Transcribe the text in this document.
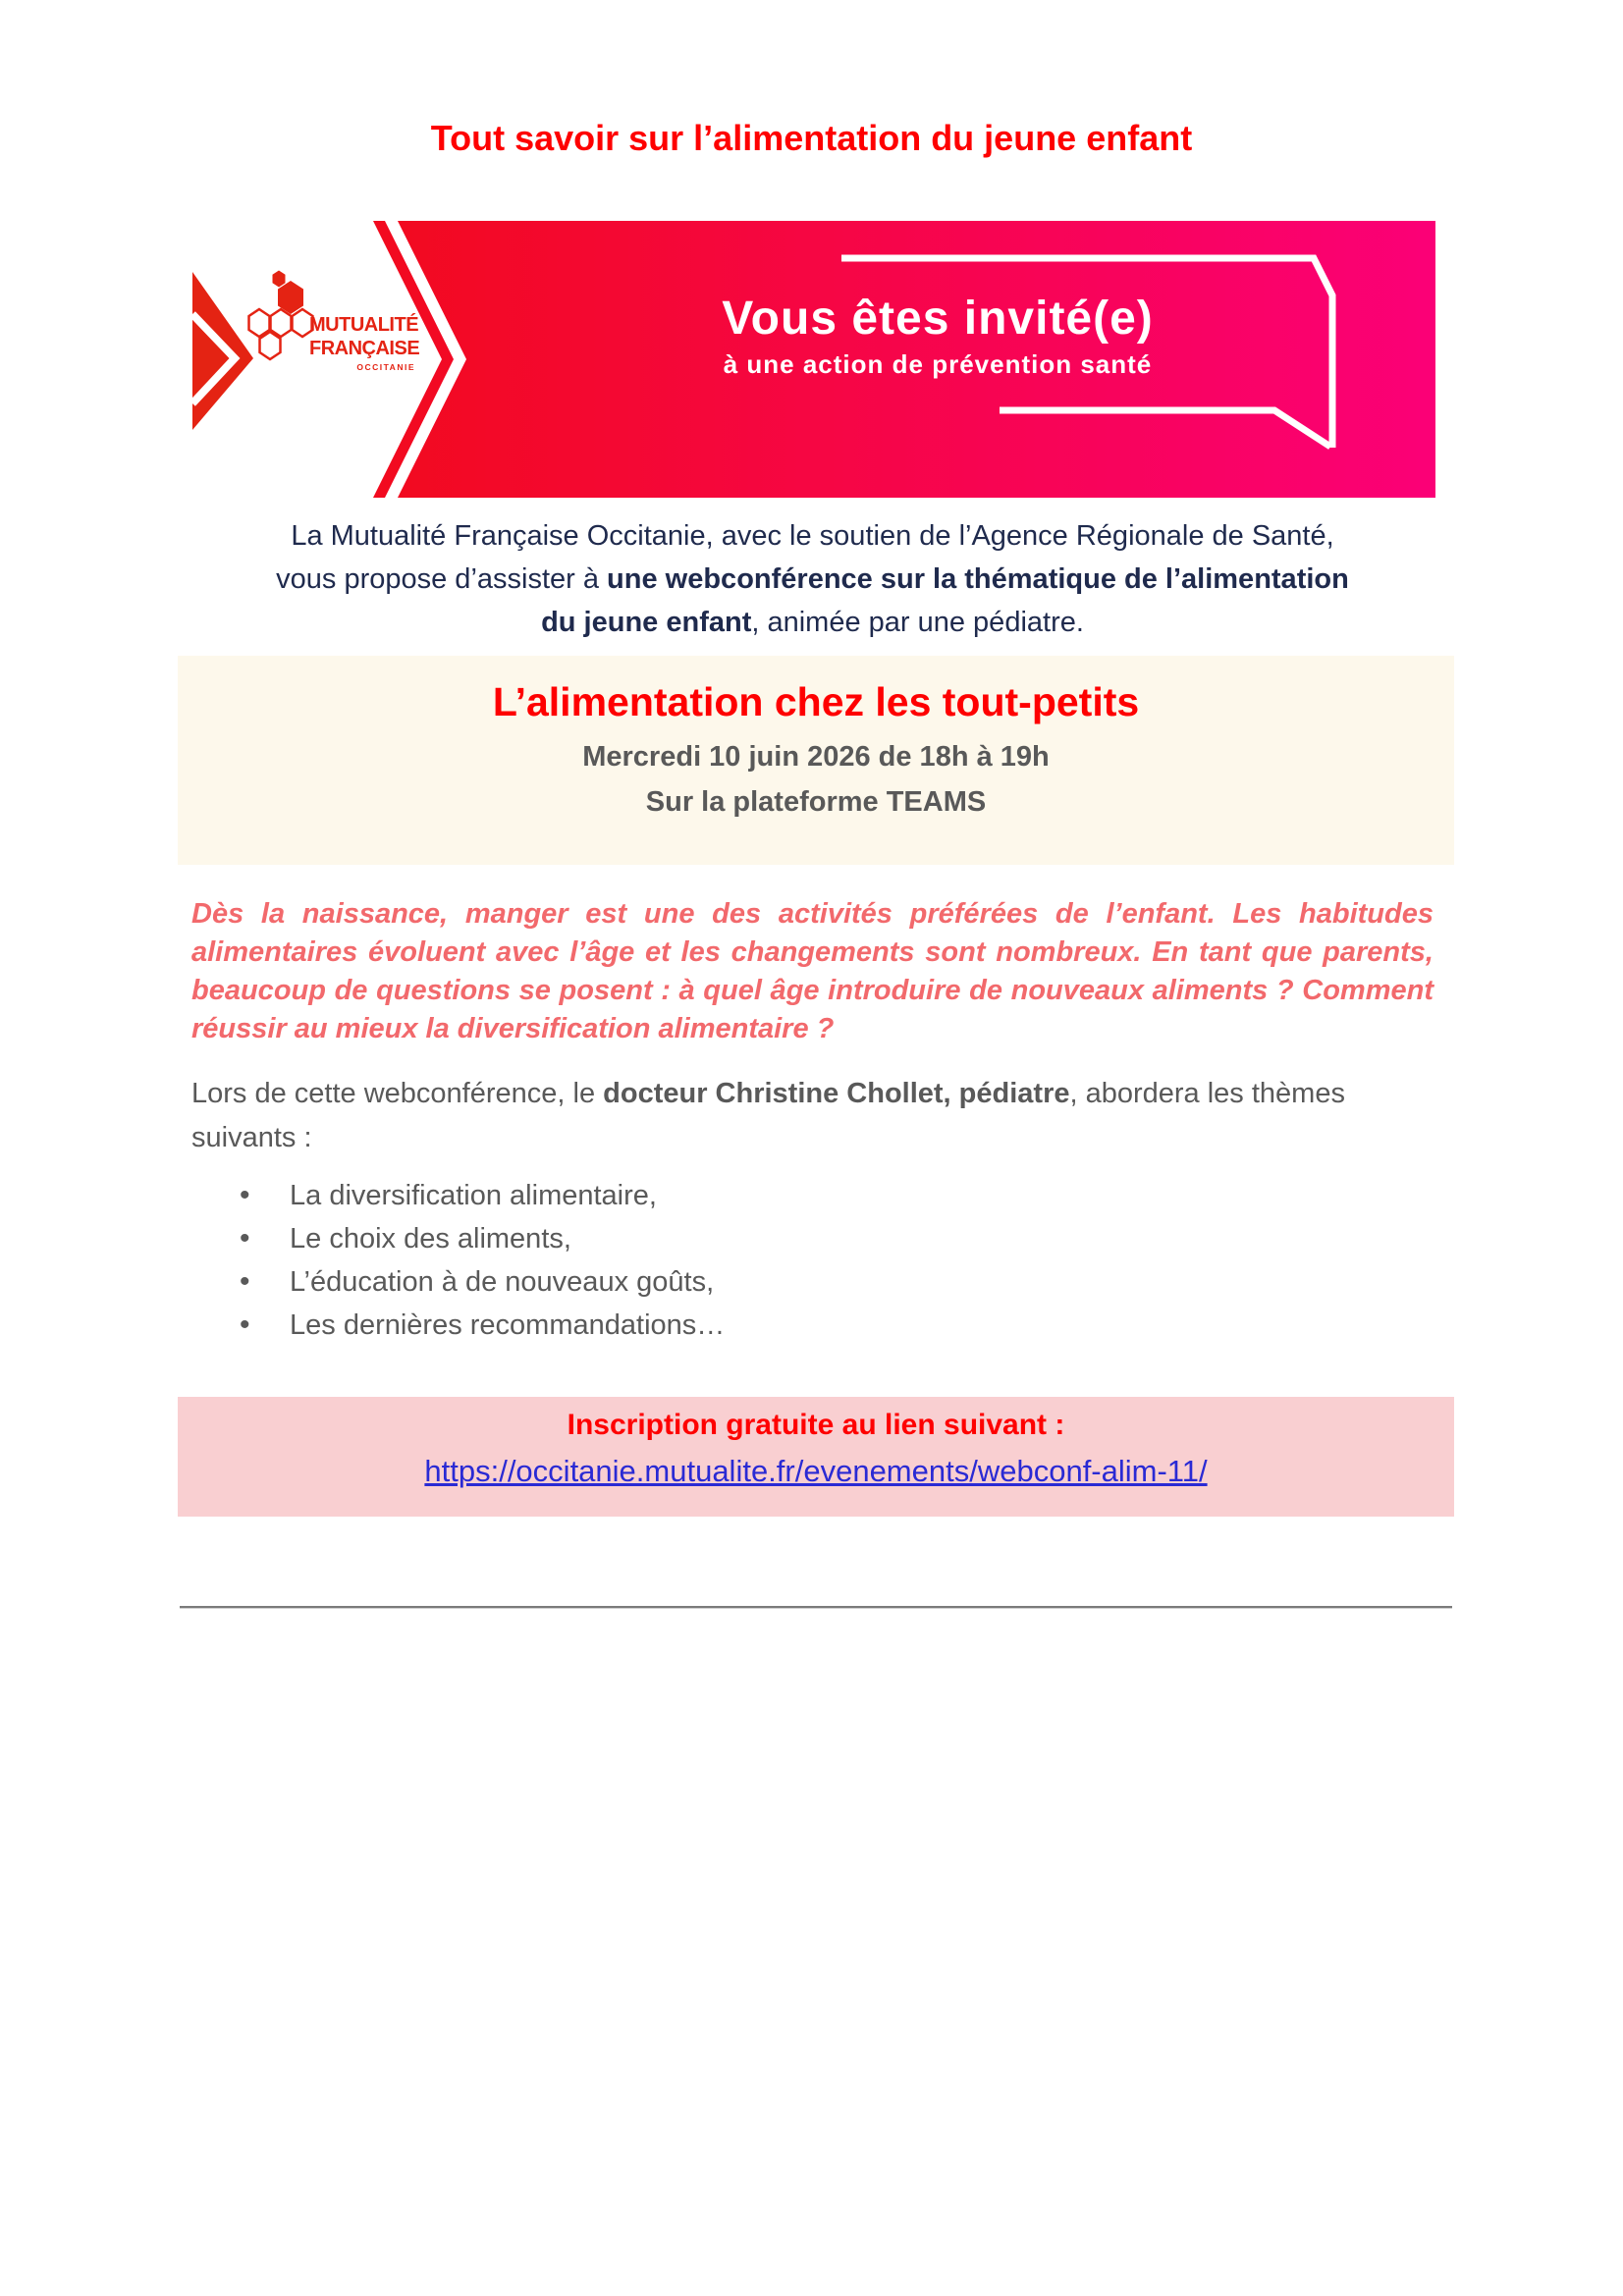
Tout savoir sur l’alimentation du jeune enfant
MUTUALITÉ
FRANÇAISE
OCCITANIE
Vous êtes invité(e)
à une action de prévention santé
La Mutualité Française Occitanie, avec le soutien de l’Agence Régionale de Santé,
vous propose d’assister à une webconférence sur la thématique de l’alimentation
du jeune enfant, animée par une pédiatre.
L’alimentation chez les tout-petits
Mercredi 10 juin 2026 de 18h à 19h
Sur la plateforme TEAMS
Dès la naissance, manger est une des activités préférées de l’enfant. Les habitudes alimentaires évoluent avec l’âge et les changements sont nombreux. En tant que parents, beaucoup de questions se posent : à quel âge introduire de nouveaux aliments ? Comment réussir au mieux la diversification alimentaire ?
Lors de cette webconférence, le docteur Christine Chollet, pédiatre, abordera les thèmes suivants :
• La diversification alimentaire,
• Le choix des aliments,
• L’éducation à de nouveaux goûts,
• Les dernières recommandations…
Inscription gratuite au lien suivant :
https://occitanie.mutualite.fr/evenements/webconf-alim-11/
